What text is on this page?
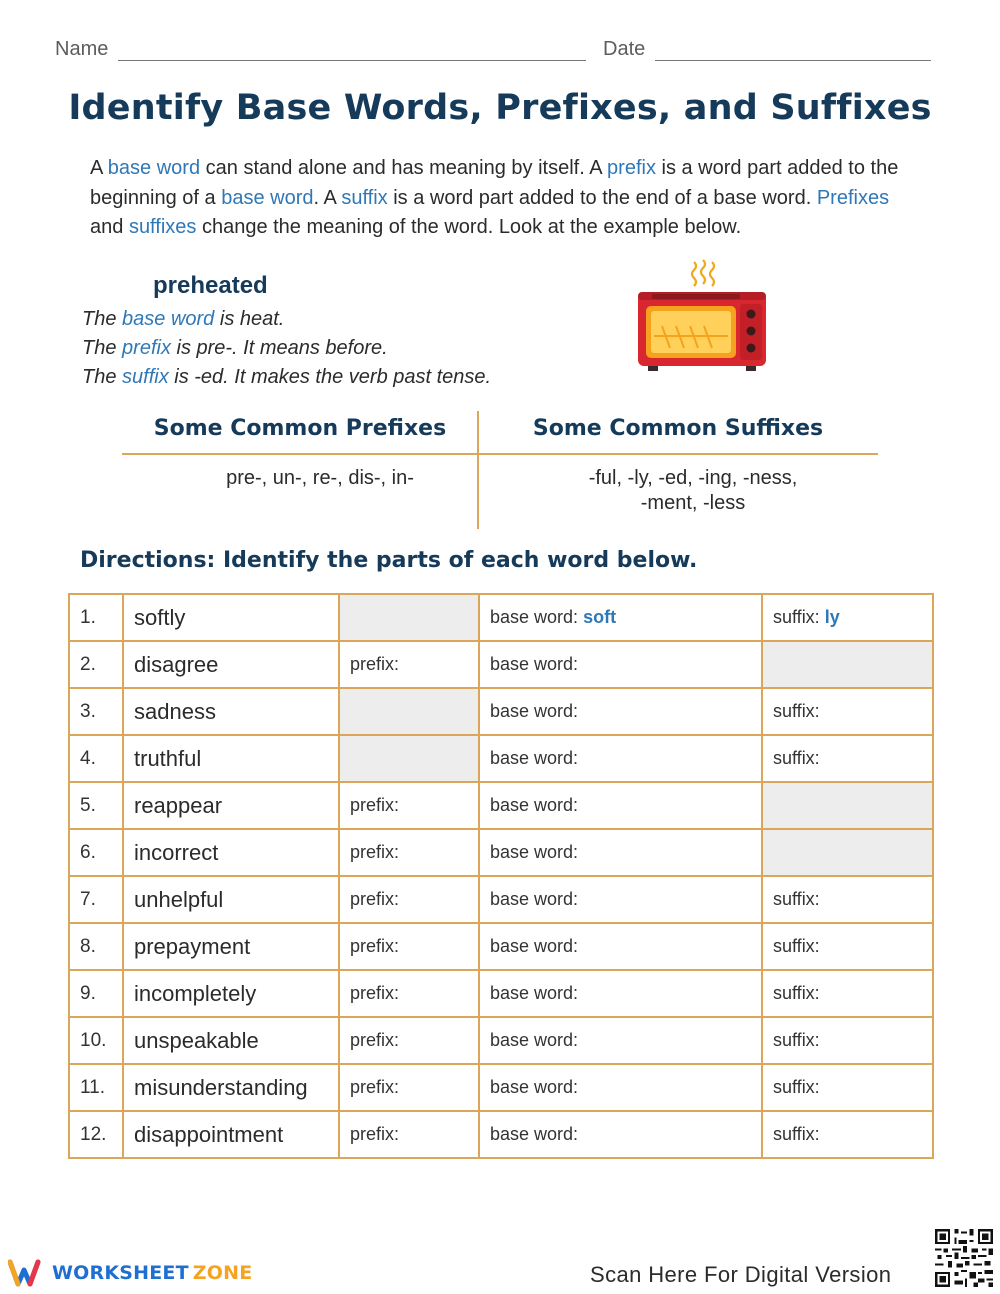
Name	Date
Identify Base Words, Prefixes, and Suffixes
A base word can stand alone and has meaning by itself. A prefix is a word part added to the beginning of a base word. A suffix is a word part added to the end of a base word. Prefixes and suffixes change the meaning of the word. Look at the example below.
preheated
The base word is heat.
The prefix is pre-. It means before.
The suffix is -ed. It makes the verb past tense.
Some Common Prefixes	Some Common Suffixes
pre-, un-, re-, dis-, in-	-ful, -ly, -ed, -ing, -ness,
-ment, -less
Directions: Identify the parts of each word below.
1.	softly		base word: soft	suffix: ly
2.	disagree	prefix:	base word:	
3.	sadness		base word:	suffix:
4.	truthful		base word:	suffix:
5.	reappear	prefix:	base word:	
6.	incorrect	prefix:	base word:	
7.	unhelpful	prefix:	base word:	suffix:
8.	prepayment	prefix:	base word:	suffix:
9.	incompletely	prefix:	base word:	suffix:
10.	unspeakable	prefix:	base word:	suffix:
11.	misunderstanding	prefix:	base word:	suffix:
12.	disappointment	prefix:	base word:	suffix:
WORKSHEET ZONE	Scan Here For Digital Version
